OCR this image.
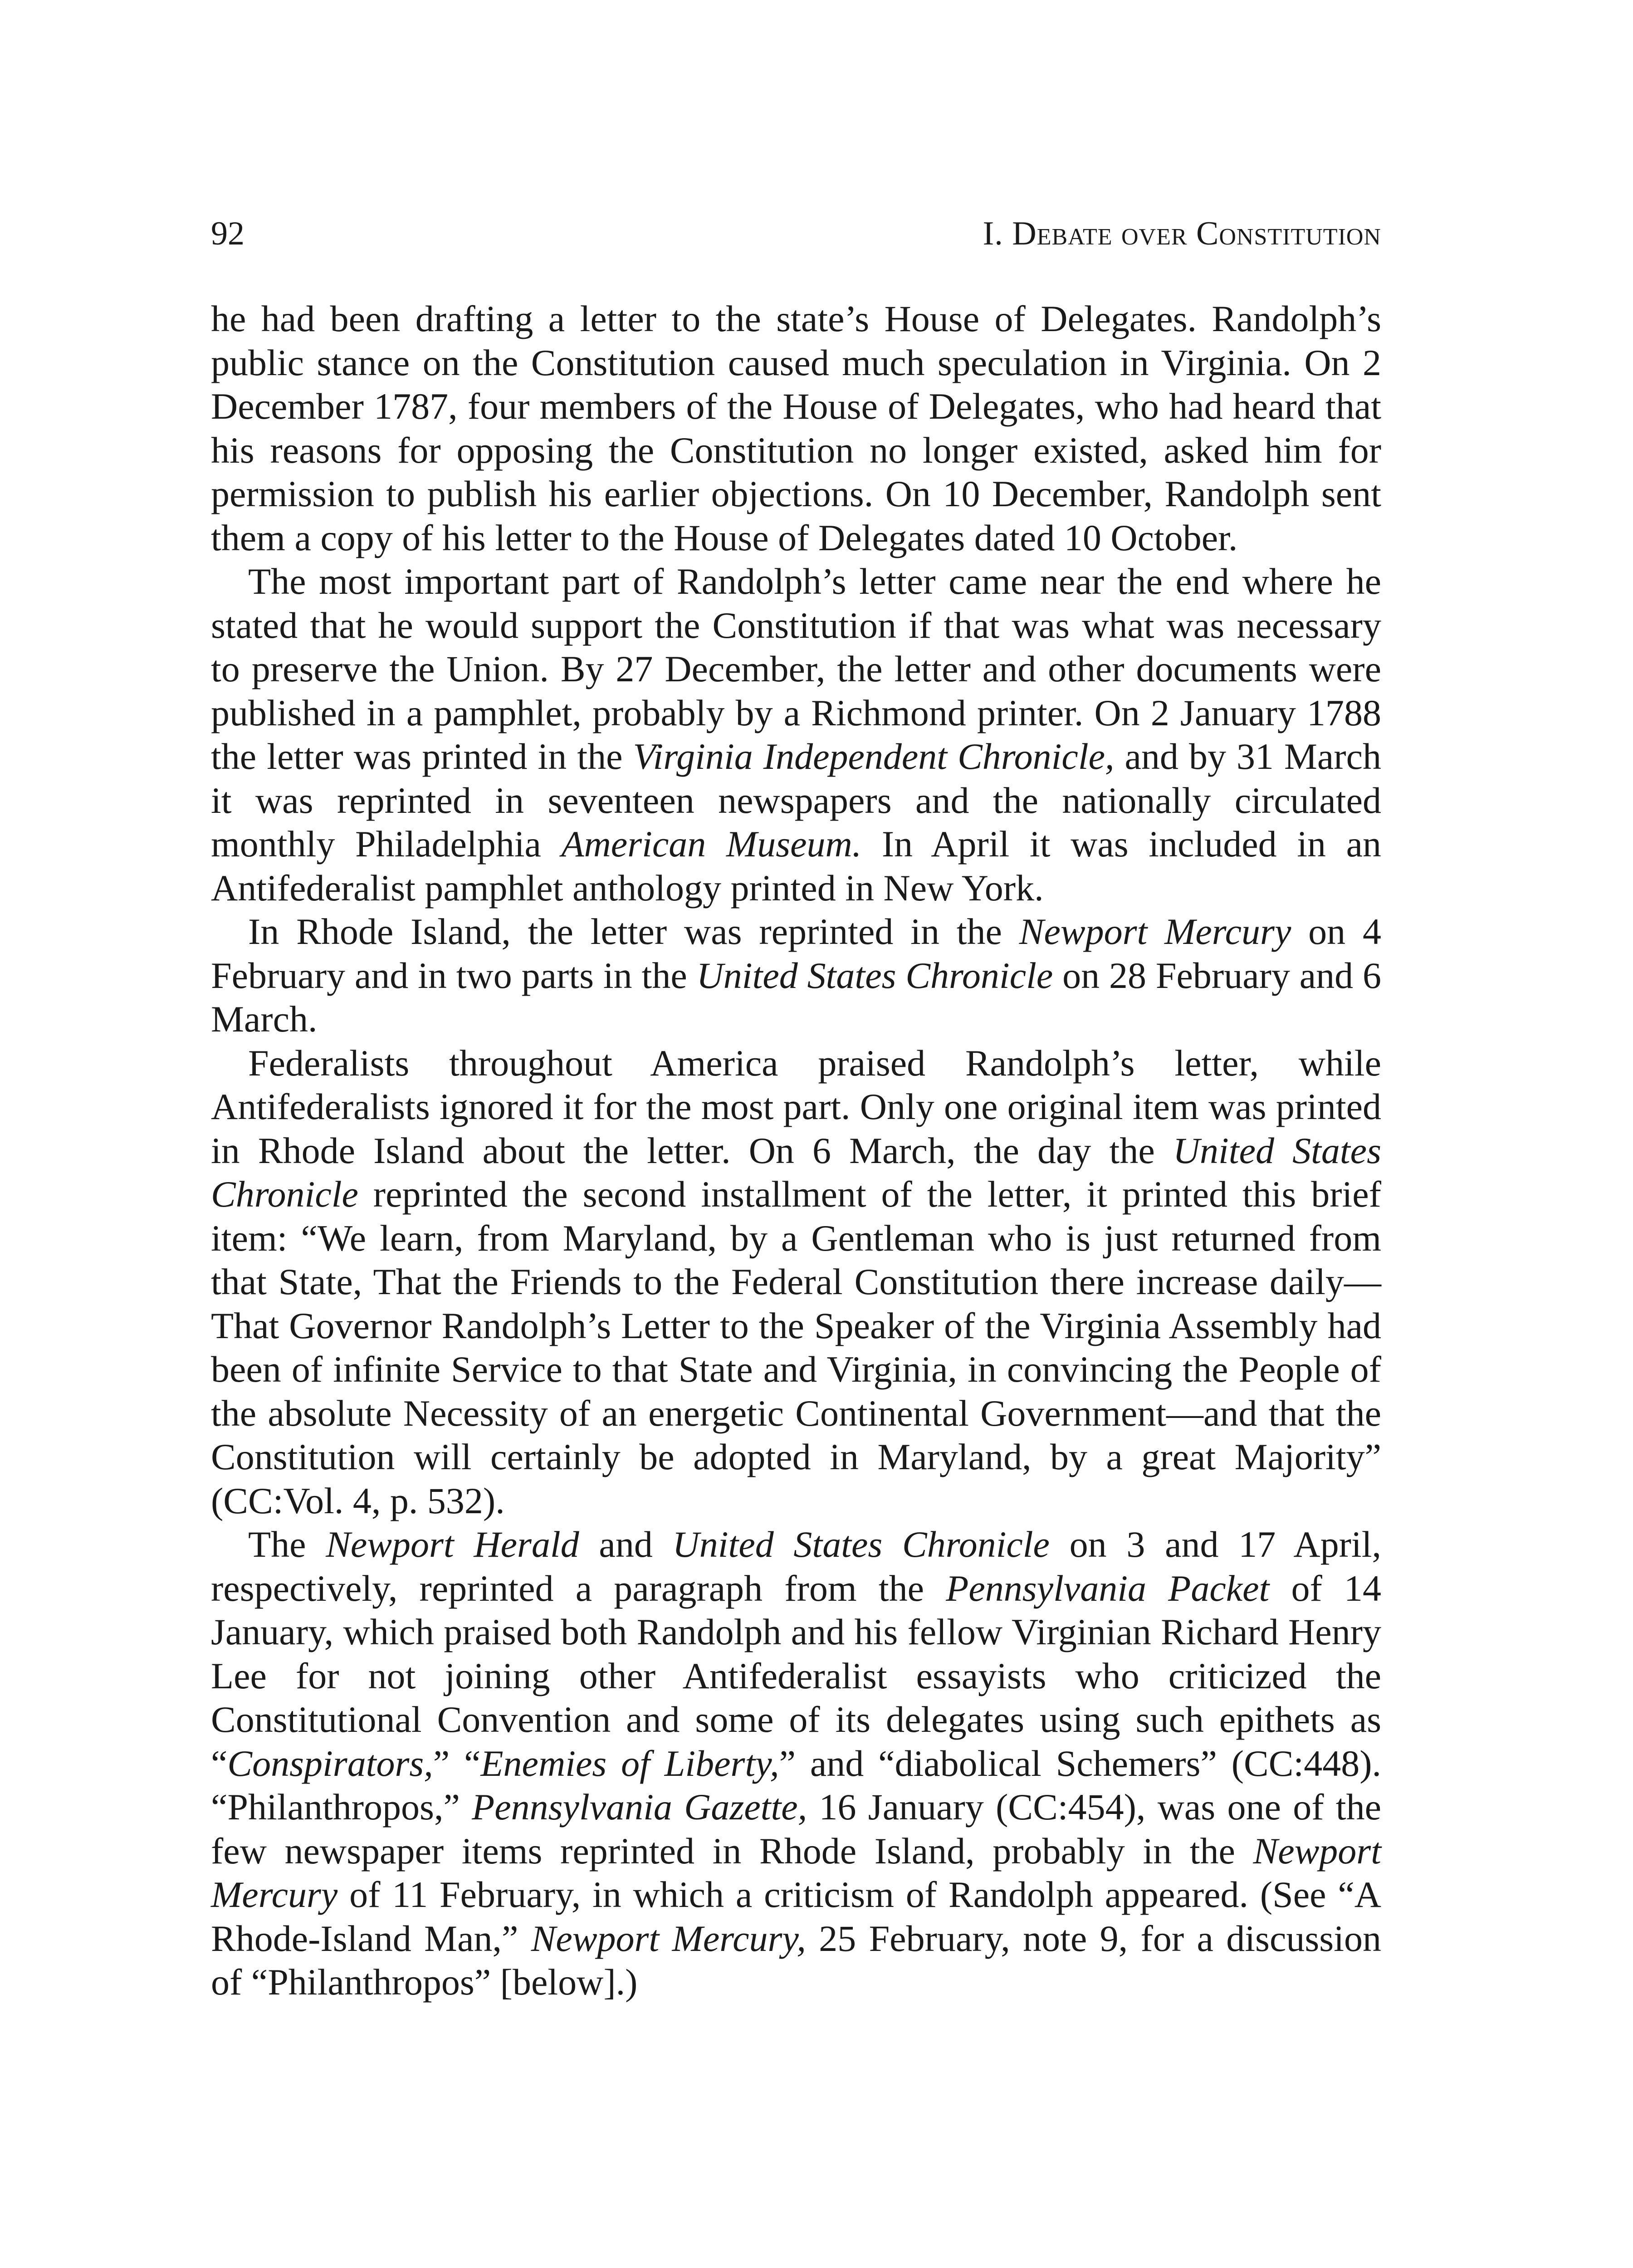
92	I. Debate over Constitution

he had been drafting a letter to the state’s House of Delegates. Randolph’s public stance on the Constitution caused much speculation in Virginia. On 2 December 1787, four members of the House of Delegates, who had heard that his reasons for opposing the Constitution no longer existed, asked him for permission to publish his earlier objections. On 10 December, Randolph sent them a copy of his letter to the House of Delegates dated 10 October.

The most important part of Randolph’s letter came near the end where he stated that he would support the Constitution if that was what was necessary to preserve the Union. By 27 December, the letter and other documents were published in a pamphlet, probably by a Richmond printer. On 2 January 1788 the letter was printed in the Virginia Independent Chronicle, and by 31 March it was reprinted in seventeen newspapers and the nationally circulated monthly Philadelphia American Museum. In April it was included in an Antifederalist pamphlet anthology printed in New York.

In Rhode Island, the letter was reprinted in the Newport Mercury on 4 February and in two parts in the United States Chronicle on 28 February and 6 March.

Federalists throughout America praised Randolph’s letter, while Antifederalists ignored it for the most part. Only one original item was printed in Rhode Island about the letter. On 6 March, the day the United States Chronicle reprinted the second installment of the letter, it printed this brief item: “We learn, from Maryland, by a Gentleman who is just returned from that State, That the Friends to the Federal Constitution there increase daily—That Governor Randolph’s Letter to the Speaker of the Virginia Assembly had been of infinite Service to that State and Virginia, in convincing the People of the absolute Necessity of an energetic Continental Government—and that the Constitution will certainly be adopted in Maryland, by a great Majority” (CC:Vol. 4, p. 532).

The Newport Herald and United States Chronicle on 3 and 17 April, respectively, reprinted a paragraph from the Pennsylvania Packet of 14 January, which praised both Randolph and his fellow Virginian Richard Henry Lee for not joining other Antifederalist essayists who criticized the Constitutional Convention and some of its delegates using such epithets as “Conspirators,” “Enemies of Liberty,” and “diabolical Schemers” (CC:448). “Philanthropos,” Pennsylvania Gazette, 16 January (CC:454), was one of the few newspaper items reprinted in Rhode Island, probably in the Newport Mercury of 11 February, in which a criticism of Randolph appeared. (See “A Rhode-Island Man,” Newport Mercury, 25 February, note 9, for a discussion of “Philanthropos” [below].)
